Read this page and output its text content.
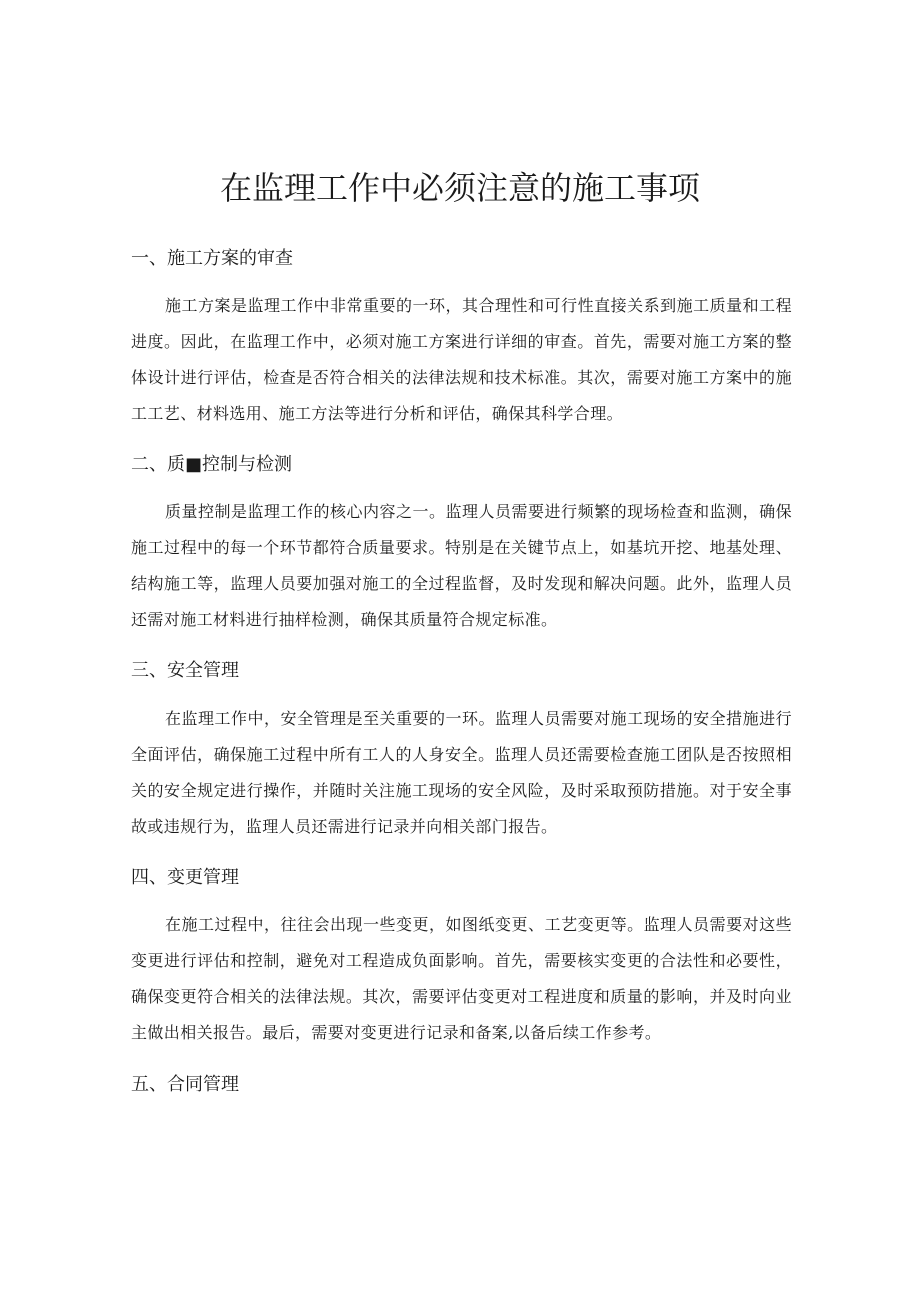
在监理工作中必须注意的施工事项
一、施工方案的审查

施工方案是监理工作中非常重要的一环，其合理性和可行性直接关系到施工质量和工程进度。因此，在监理工作中，必须对施工方案进行详细的审查。首先，需要对施工方案的整体设计进行评估，检查是否符合相关的法律法规和技术标准。其次，需要对施工方案中的施工工艺、材料选用、施工方法等进行分析和评估，确保其科学合理。

二、质■控制与检测

质量控制是监理工作的核心内容之一。监理人员需要进行频繁的现场检查和监测，确保施工过程中的每一个环节都符合质量要求。特别是在关键节点上，如基坑开挖、地基处理、结构施工等，监理人员要加强对施工的全过程监督，及时发现和解决问题。此外，监理人员还需对施工材料进行抽样检测，确保其质量符合规定标准。

三、安全管理

在监理工作中，安全管理是至关重要的一环。监理人员需要对施工现场的安全措施进行全面评估，确保施工过程中所有工人的人身安全。监理人员还需要检查施工团队是否按照相关的安全规定进行操作，并随时关注施工现场的安全风险，及时采取预防措施。对于安全事故或违规行为，监理人员还需进行记录并向相关部门报告。

四、变更管理

在施工过程中，往往会出现一些变更，如图纸变更、工艺变更等。监理人员需要对这些变更进行评估和控制，避免对工程造成负面影响。首先，需要核实变更的合法性和必要性，确保变更符合相关的法律法规。其次，需要评估变更对工程进度和质量的影响，并及时向业主做出相关报告。最后，需要对变更进行记录和备案,以备后续工作参考。

五、合同管理
